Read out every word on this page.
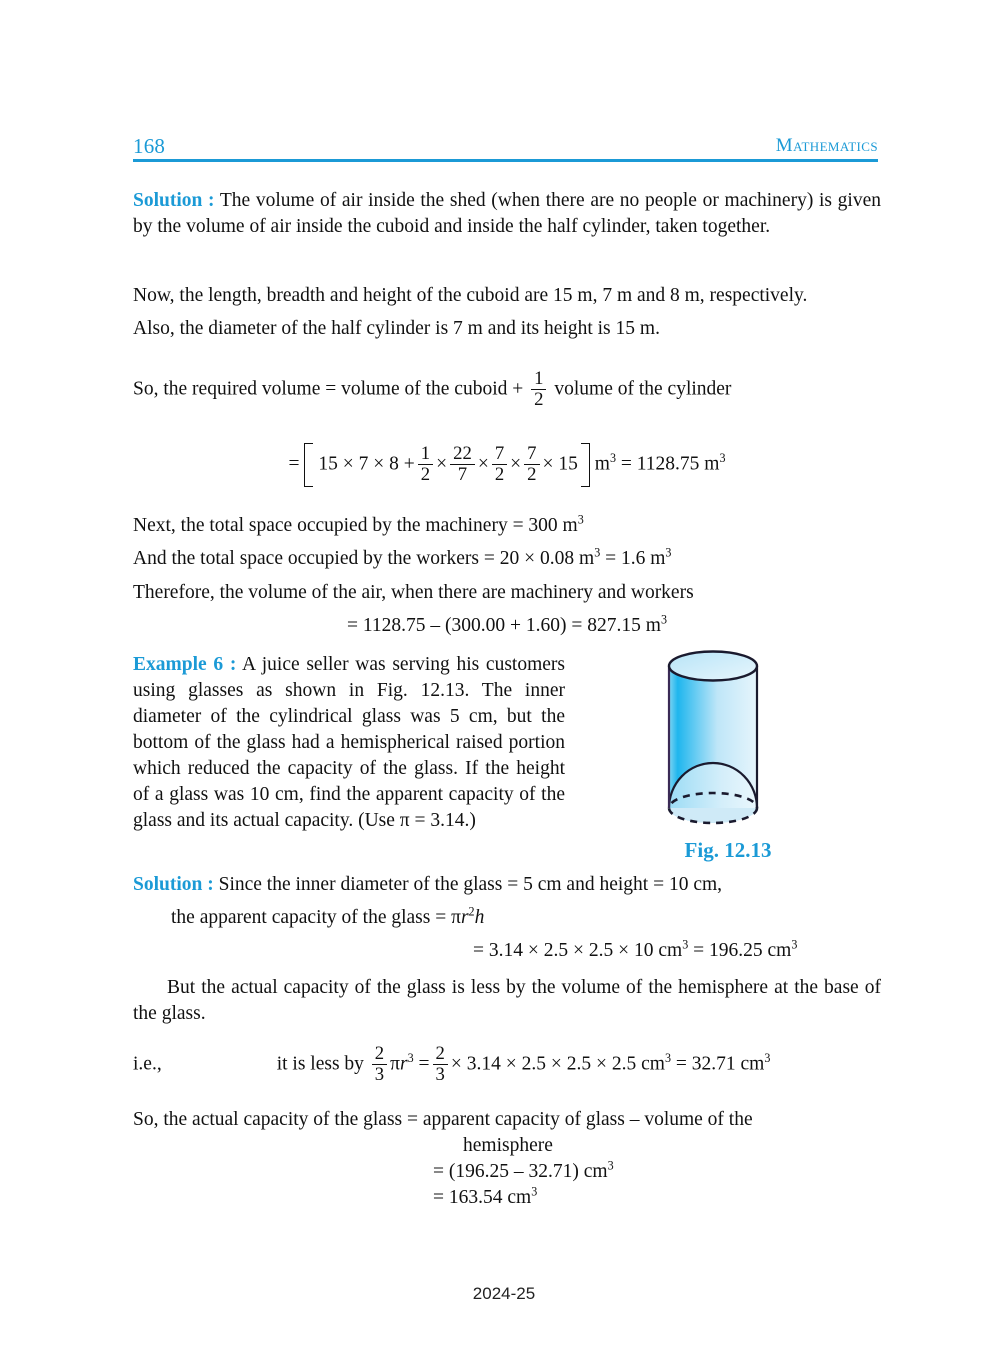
168	Mathematics
Solution : The volume of air inside the shed (when there are no people or machinery) is given by the volume of air inside the cuboid and inside the half cylinder, taken together.
Now, the length, breadth and height of the cuboid are 15 m, 7 m and 8 m, respectively.
Also, the diameter of the half cylinder is 7 m and its height is 15 m.
So, the required volume = volume of the cuboid + $\frac{1}{2}$ volume of the cylinder
= $15 \times 7 \times 8 + \frac{1}{2} \times \frac{22}{7} \times \frac{7}{2} \times \frac{7}{2} \times 15$ $m^3 = 1128.75$ $m^3$
Next, the total space occupied by the machinery = 300 $m^3$
And the total space occupied by the workers = 20 × 0.08 $m^3 = 1.6$ $m^3$
Therefore, the volume of the air, when there are machinery and workers
= 1128.75 – (300.00 + 1.60) = 827.15 $m^3$
Example 6 : A juice seller was serving his customers using glasses as shown in Fig. 12.13. The inner diameter of the cylindrical glass was 5 cm, but the bottom of the glass had a hemispherical raised portion which reduced the capacity of the glass. If the height of a glass was 10 cm, find the apparent capacity of the glass and its actual capacity. (Use π = 3.14.)
Fig. 12.13
Solution : Since the inner diameter of the glass = 5 cm and height = 10 cm,
the apparent capacity of the glass = $\pi r^2h$
= 3.14 × 2.5 × 2.5 × 10 $cm^3 = 196.25$ $cm^3$
But the actual capacity of the glass is less by the volume of the hemisphere at the base of the glass.
i.e.,	it is less by $\frac{2}{3} \pi r^3 = \frac{2}{3} \times 3.14 \times 2.5 \times 2.5 \times 2.5$ $cm^3 = 32.71$ $cm^3$
So, the actual capacity of the glass = apparent capacity of glass – volume of the
hemisphere
= (196.25 – 32.71) $cm^3$
= 163.54 $cm^3$
2024-25
